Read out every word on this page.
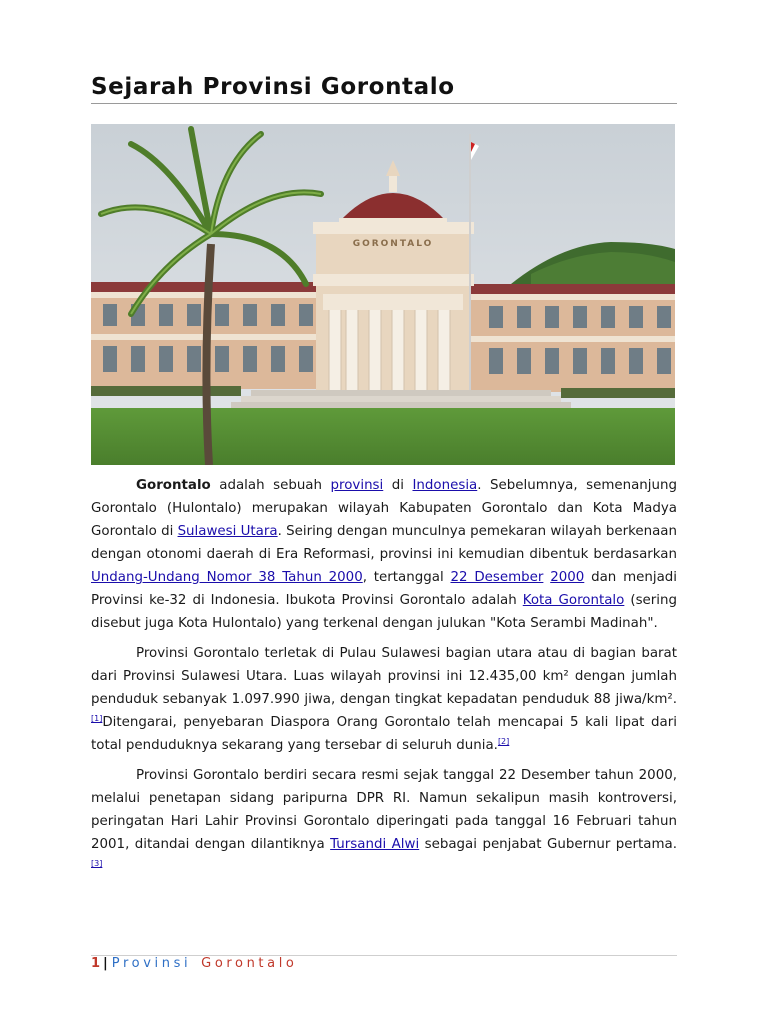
Sejarah Provinsi Gorontalo
GORONTALO

Gorontalo adalah sebuah provinsi di Indonesia. Sebelumnya, semenanjung Gorontalo (Hulontalo) merupakan wilayah Kabupaten Gorontalo dan Kota Madya Gorontalo di Sulawesi Utara. Seiring dengan munculnya pemekaran wilayah berkenaan dengan otonomi daerah di Era Reformasi, provinsi ini kemudian dibentuk berdasarkan Undang-Undang Nomor 38 Tahun 2000, tertanggal 22 Desember 2000 dan menjadi Provinsi ke-32 di Indonesia. Ibukota Provinsi Gorontalo adalah Kota Gorontalo (sering disebut juga Kota Hulontalo) yang terkenal dengan julukan "Kota Serambi Madinah".

Provinsi Gorontalo terletak di Pulau Sulawesi bagian utara atau di bagian barat dari Provinsi Sulawesi Utara. Luas wilayah provinsi ini 12.435,00 km² dengan jumlah penduduk sebanyak 1.097.990 jiwa, dengan tingkat kepadatan penduduk 88 jiwa/km².[1]Ditengarai, penyebaran Diaspora Orang Gorontalo telah mencapai 5 kali lipat dari total penduduknya sekarang yang tersebar di seluruh dunia.[2]

Provinsi Gorontalo berdiri secara resmi sejak tanggal 22 Desember tahun 2000, melalui penetapan sidang paripurna DPR RI. Namun sekalipun masih kontroversi, peringatan Hari Lahir Provinsi Gorontalo diperingati pada tanggal 16 Februari tahun 2001, ditandai dengan dilantiknya Tursandi Alwi sebagai penjabat Gubernur pertama.[3]

1 | Provinsi Gorontalo
